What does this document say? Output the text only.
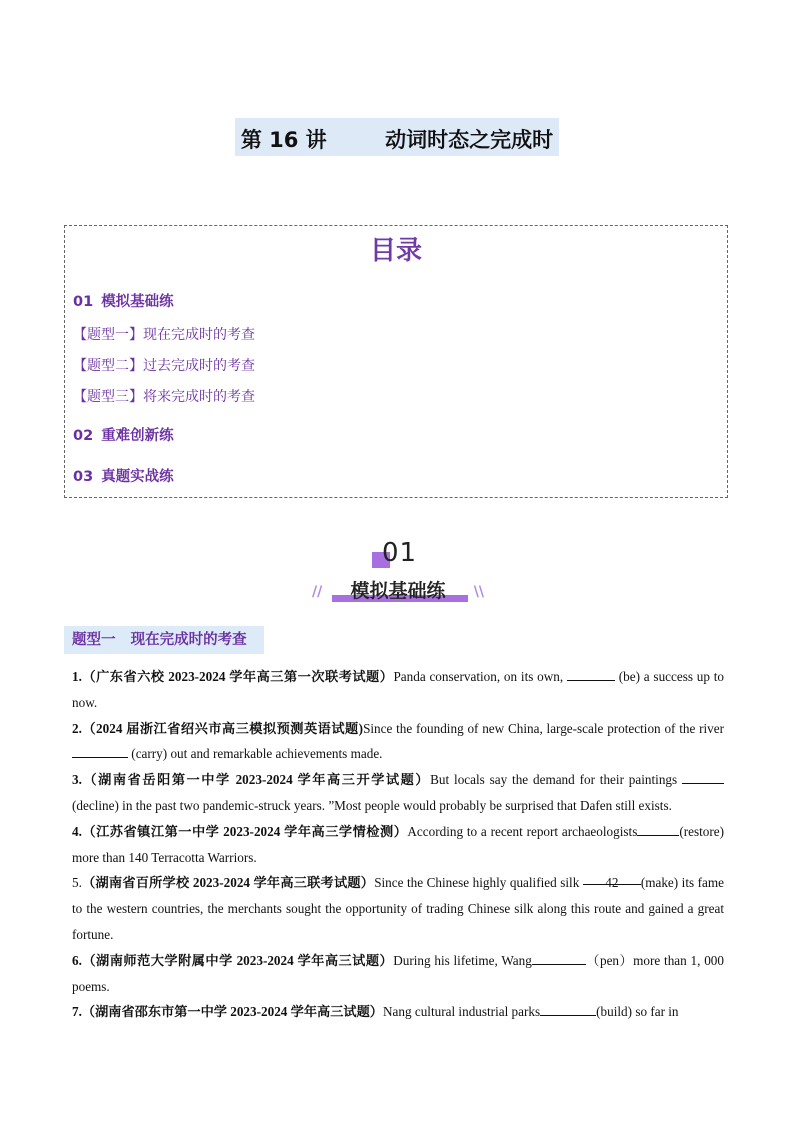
第 16 讲        动词时态之完成时
目录
01 模拟基础练
【题型一】现在完成时的考查
【题型二】过去完成时的考查
【题型三】将来完成时的考查
02 重难创新练
03 真题实战练
01
//	模拟基础练	\\
题型一   现在完成时的考查

1.（广东省六校 2023-2024 学年高三第一次联考试题）Panda conservation, on its own,	(be) a success up to now.

2.（2024 届浙江省绍兴市高三模拟预测英语试题)Since the founding of new China, large-scale protection of the river  (carry) out and remarkable achievements made.

3.（湖南省岳阳第一中学 2023-2024 学年高三开学试题）But locals say the demand for their paintings (decline) in the past two pandemic-struck years. ”Most people would probably be surprised that Dafen still exists.

4.（江苏省镇江第一中学 2023-2024 学年高三学情检测）According to a recent report archaeologists	(restore) more than 140 Terracotta Warriors.

5.（湖南省百所学校 2023-2024 学年高三联考试题）Since the Chinese highly qualified silk 42 (make) its fame to the western countries, the merchants sought the opportunity of trading Chinese silk along this route and gained a great fortune.

6.（湖南师范大学附属中学 2023-2024 学年高三试题）During his lifetime, Wang	（pen）more than 1, 000 poems.

7.（湖南省邵东市第一中学 2023-2024 学年高三试题）Nang cultural industrial parks	(build) so far in
